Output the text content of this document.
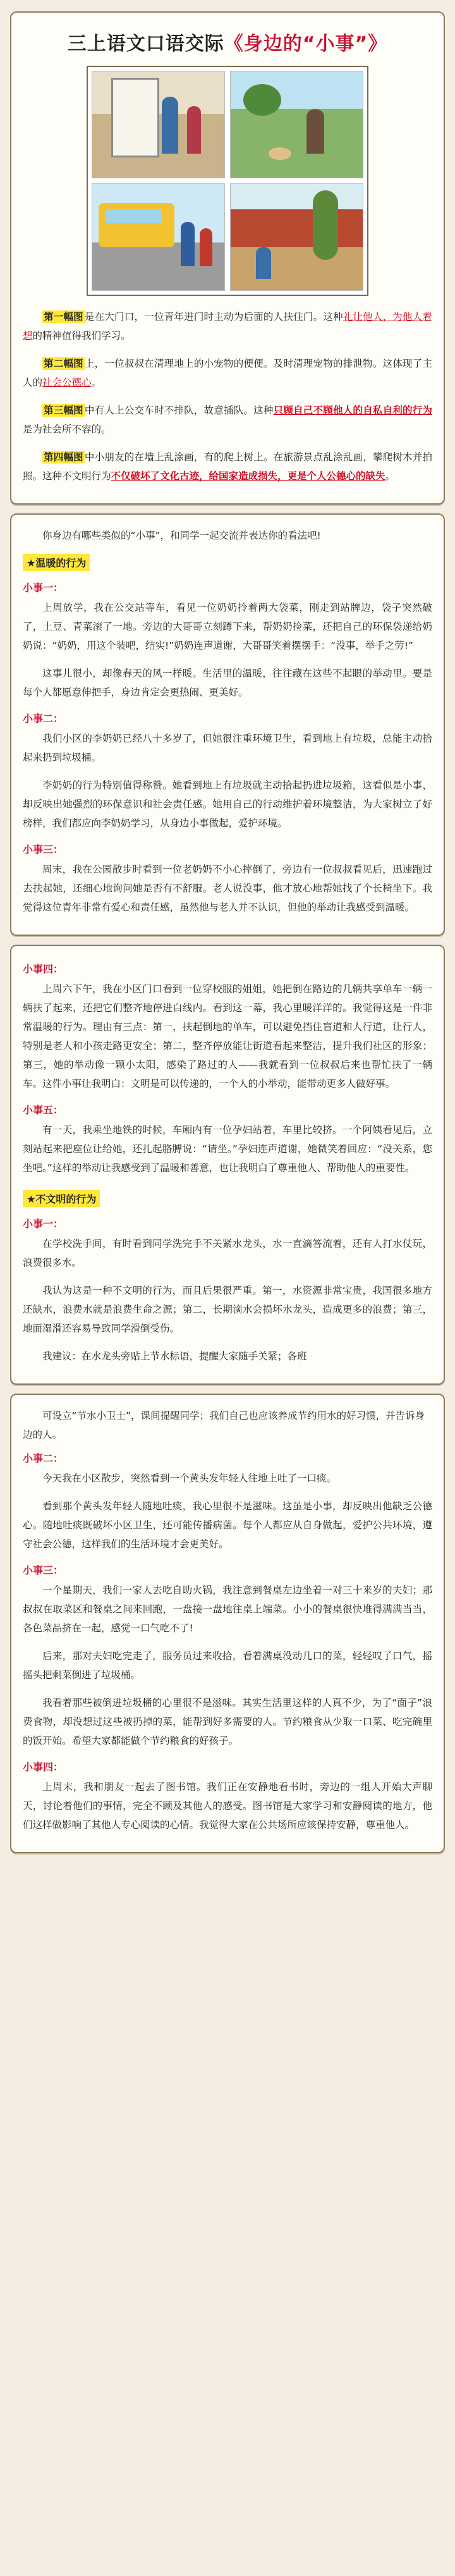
三上语文口语交际《身边的“小事”》

第一幅图 是在大门口，一位青年进门时主动为后面的人扶住门。这种礼让他人，为他人着想的精神值得我们学习。

第二幅图 上，一位叔叔在清理地上的小宠物的便便。及时清理宠物的排泄物。这体现了主人的社会公德心。

第三幅图 中有人上公交车时不排队，故意插队。这种只顾自己不顾他人的自私自利的行为是为社会所不容的。

第四幅图 中小朋友的在墙上乱涂画，有的爬上树上。在旅游景点乱涂乱画，攀爬树木并拍照。这种不文明行为不仅破坏了文化古迹，给国家造成损失，更是个人公德心的缺失。

你身边有哪些类似的“小事”，和同学一起交流并表达你的看法吧!

★温暖的行为
小事一：

上周放学，我在公交站等车，看见一位奶奶拎着两大袋菜，刚走到站牌边，袋子突然破了，土豆、青菜滚了一地。旁边的大哥哥立刻蹲下来，帮奶奶捡菜，还把自己的环保袋递给奶奶说：“奶奶，用这个装吧，结实!”奶奶连声道谢，大哥哥笑着摆摆手：“没事，举手之劳!”

这事儿很小，却像春天的风一样暖。生活里的温暖，往往藏在这些不起眼的举动里。要是每个人都愿意伸把手，身边肯定会更热闹、更美好。

小事二：

我们小区的李奶奶已经八十多岁了，但她很注重环境卫生，看到地上有垃圾，总能主动拾起来扔到垃圾桶。

李奶奶的行为特别值得称赞。她看到地上有垃圾就主动拾起扔进垃圾箱，这看似是小事，却反映出她强烈的环保意识和社会责任感。她用自己的行动维护着环境整洁，为大家树立了好榜样，我们都应向李奶奶学习，从身边小事做起，爱护环境。

小事三：

周末，我在公园散步时看到一位老奶奶不小心摔倒了，旁边有一位叔叔看见后，迅速跑过去扶起她，还细心地询问她是否有不舒服。老人说没事，他才放心地帮她找了个长椅坐下。我觉得这位青年非常有爱心和责任感，虽然他与老人并不认识，但他的举动让我感受到温暖。

小事四：

上周六下午，我在小区门口看到一位穿校服的姐姐，她把倒在路边的几辆共享单车一辆一辆扶了起来，还把它们整齐地停进白线内。看到这一幕，我心里暖洋洋的。我觉得这是一件非常温暖的行为。理由有三点：第一，扶起倒地的单车，可以避免挡住盲道和人行道，让行人，特别是老人和小孩走路更安全；第二，整齐停放能让街道看起来整洁，提升我们社区的形象；第三，她的举动像一颗小太阳，感染了路过的人——我就看到一位叔叔后来也帮忙扶了一辆车。这件小事让我明白：文明是可以传递的，一个人的小举动，能带动更多人做好事。

小事五：

有一天，我乘坐地铁的时候，车厢内有一位孕妇站着，车里比较挤。一个阿姨看见后，立刻站起来把座位让给她，还扎起胳膊说：“请坐。”孕妇连声道谢，她微笑着回应：“没关系，您坐吧。”这样的举动让我感受到了温暖和善意，也让我明白了尊重他人、帮助他人的重要性。

★不文明的行为
小事一：

在学校洗手间，有时看到同学洗完手不关紧水龙头，水一直滴答流着，还有人打水仗玩，浪费很多水。

我认为这是一种不文明的行为，而且后果很严重。第一，水资源非常宝贵，我国很多地方还缺水，浪费水就是浪费生命之源；第二，长期滴水会损坏水龙头，造成更多的浪费；第三，地面湿滑还容易导致同学滑倒受伤。

我建议：在水龙头旁贴上节水标语，提醒大家随手关紧；各班

可设立“节水小卫士”，课间提醒同学；我们自己也应该养成节约用水的好习惯，并告诉身边的人。

小事二：

今天我在小区散步，突然看到一个黄头发年轻人往地上吐了一口痰。

看到那个黄头发年轻人随地吐痰，我心里很不是滋味。这虽是小事，却反映出他缺乏公德心。随地吐痰既破坏小区卫生，还可能传播病菌。每个人都应从自身做起，爱护公共环境，遵守社会公德，这样我们的生活环境才会更美好。

小事三：

一个星期天，我们一家人去吃自助火锅，我注意到餐桌左边坐着一对三十来岁的夫妇；那叔叔在取菜区和餐桌之间来回跑，一盘接一盘地往桌上端菜。小小的餐桌很快堆得满满当当，各色菜品挤在一起，感觉一口气吃不了!

后来，那对夫妇吃完走了，服务员过来收拾，看着满桌没动几口的菜，轻轻叹了口气，摇摇头把剩菜倒进了垃圾桶。

我看着那些被倒进垃圾桶的心里很不是滋味。其实生活里这样的人真不少，为了“面子”浪费食物，却没想过这些被扔掉的菜，能帮到好多需要的人。节约粮食从少取一口菜、吃完碗里的饭开始。希望大家都能做个节约粮食的好孩子。

小事四：

上周末，我和朋友一起去了图书馆。我们正在安静地看书时，旁边的一组人开始大声聊天，讨论着他们的事情，完全不顾及其他人的感受。图书馆是大家学习和安静阅读的地方，他们这样做影响了其他人专心阅读的心情。我觉得大家在公共场所应该保持安静，尊重他人。
